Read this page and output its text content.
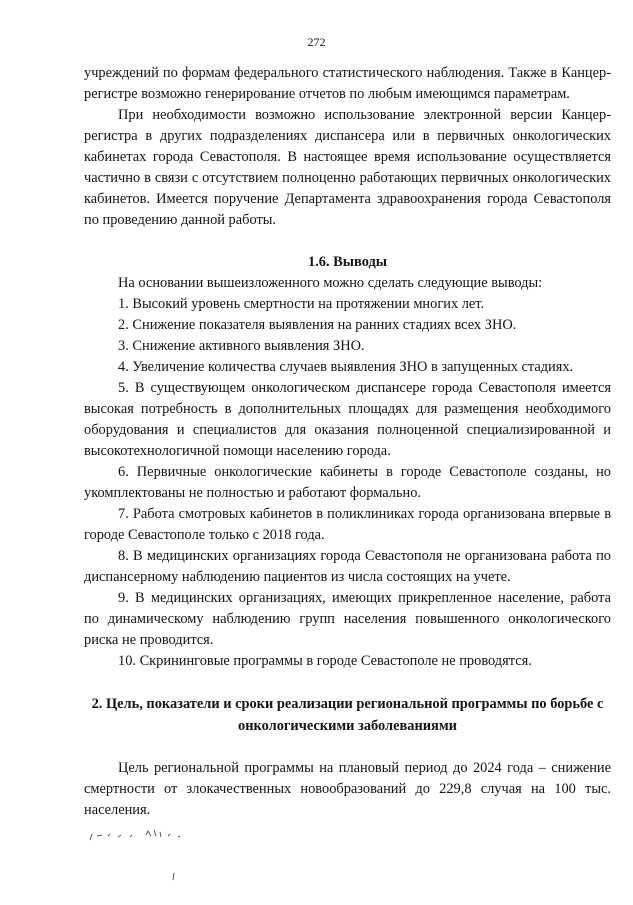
272

учреждений по формам федерального статистического наблюдения. Также в Канцер-регистре возможно генерирование отчетов по любым имеющимся параметрам.

При необходимости возможно использование электронной версии Канцер-регистра в других подразделениях диспансера или в первичных онкологических кабинетах города Севастополя. В настоящее время использование осуществляется частично в связи с отсутствием полноценно работающих первичных онкологических кабинетов. Имеется поручение Департамента здравоохранения города Севастополя по проведению данной работы.

1.6. Выводы

На основании вышеизложенного можно сделать следующие выводы:

1. Высокий уровень смертности на протяжении многих лет.

2. Снижение показателя выявления на ранних стадиях всех ЗНО.

3. Снижение активного выявления ЗНО.

4. Увеличение количества случаев выявления ЗНО в запущенных стадиях.

5. В существующем онкологическом диспансере города Севастополя имеется высокая потребность в дополнительных площадях для размещения необходимого оборудования и специалистов для оказания полноценной специализированной и высокотехнологичной помощи населению города.

6. Первичные онкологические кабинеты в городе Севастополе созданы, но укомплектованы не полностью и работают формально.

7. Работа смотровых кабинетов в поликлиниках города организована впервые в городе Севастополе только с 2018 года.

8. В медицинских организациях города Севастополя не организована работа по диспансерному наблюдению пациентов из числа состоящих на учете.

9. В медицинских организациях, имеющих прикрепленное население, работа по динамическому наблюдению групп населения повышенного онкологического риска не проводится.

10. Скрининговые программы в городе Севастополе не проводятся.

2. Цель, показатели и сроки реализации региональной программы по борьбе с онкологическими заболеваниями

Цель региональной программы на плановый период до 2024 года – снижение смертности от злокачественных новообразований до 229,8 случая на 100 тыс. населения.
